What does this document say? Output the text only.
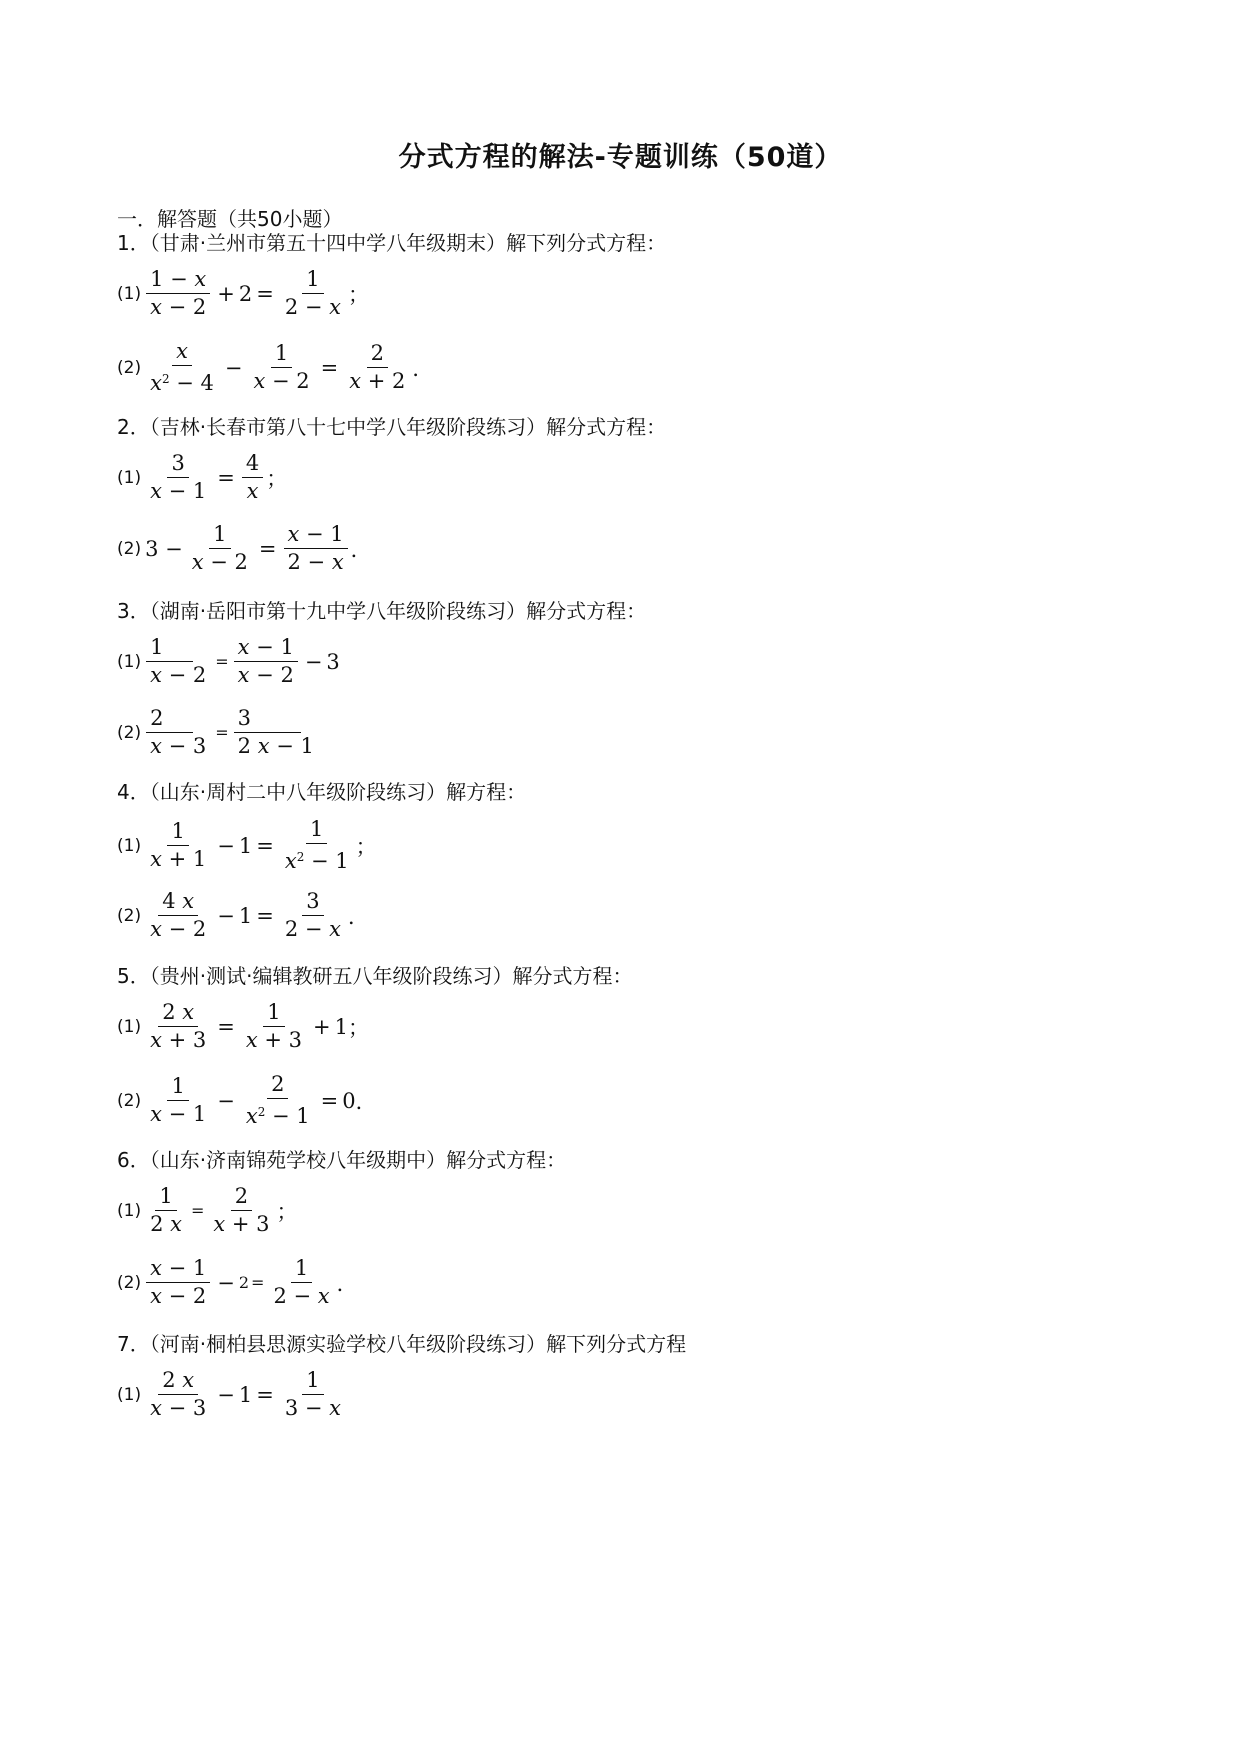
分式方程的解法-专题训练（50道）
一．解答题（共50小题）
1．（甘肃·兰州市第五十四中学八年级期末）解下列分式方程：
$(1) \frac{1 - x}{x - 2} + 2 = \frac{1}{2 - x}$ ；
$(2) \frac{x}{x^2 - 4} - \frac{1}{x - 2} = \frac{2}{x + 2}$ ．
2．（吉林·长春市第八十七中学八年级阶段练习）解分式方程：
$(1) \frac{3}{x - 1} = \frac{4}{x}$ ；
(2) $3 - \frac{1}{x - 2} = \frac{x - 1}{2 - x}$ ．
3．（湖南·岳阳市第十九中学八年级阶段练习）解分式方程：
$(1) \frac{1}{x - 2} = \frac{x - 1}{x - 2} - 3$
$(2) \frac{2}{x - 3} = \frac{3}{2 x - 1}$
4．（山东·周村二中八年级阶段练习）解方程：
$(1) \frac{1}{x + 1} - 1 = \frac{1}{x^2 - 1}$ ；
$(2) \frac{4 x}{x - 2} - 1 = \frac{3}{2 - x}$ ．
5．（贵州·测试·编辑教研五八年级阶段练习）解分式方程：
$(1) \frac{2 x}{x + 3} = \frac{1}{x + 3} + 1$ ；
$(2) \frac{1}{x - 1} - \frac{2}{x^2 - 1} = 0$ ．
6．（山东·济南锦苑学校八年级期中）解分式方程：
$(1) \frac{1}{2 x} = \frac{2}{x + 3}$ ；
$(2) \frac{x - 1}{x - 2} - 2 = \frac{1}{2 - x}$ ．
7．（河南·桐柏县思源实验学校八年级阶段练习）解下列分式方程
$(1) \frac{2 x}{x - 3} - 1 = \frac{1}{3 - x}$
